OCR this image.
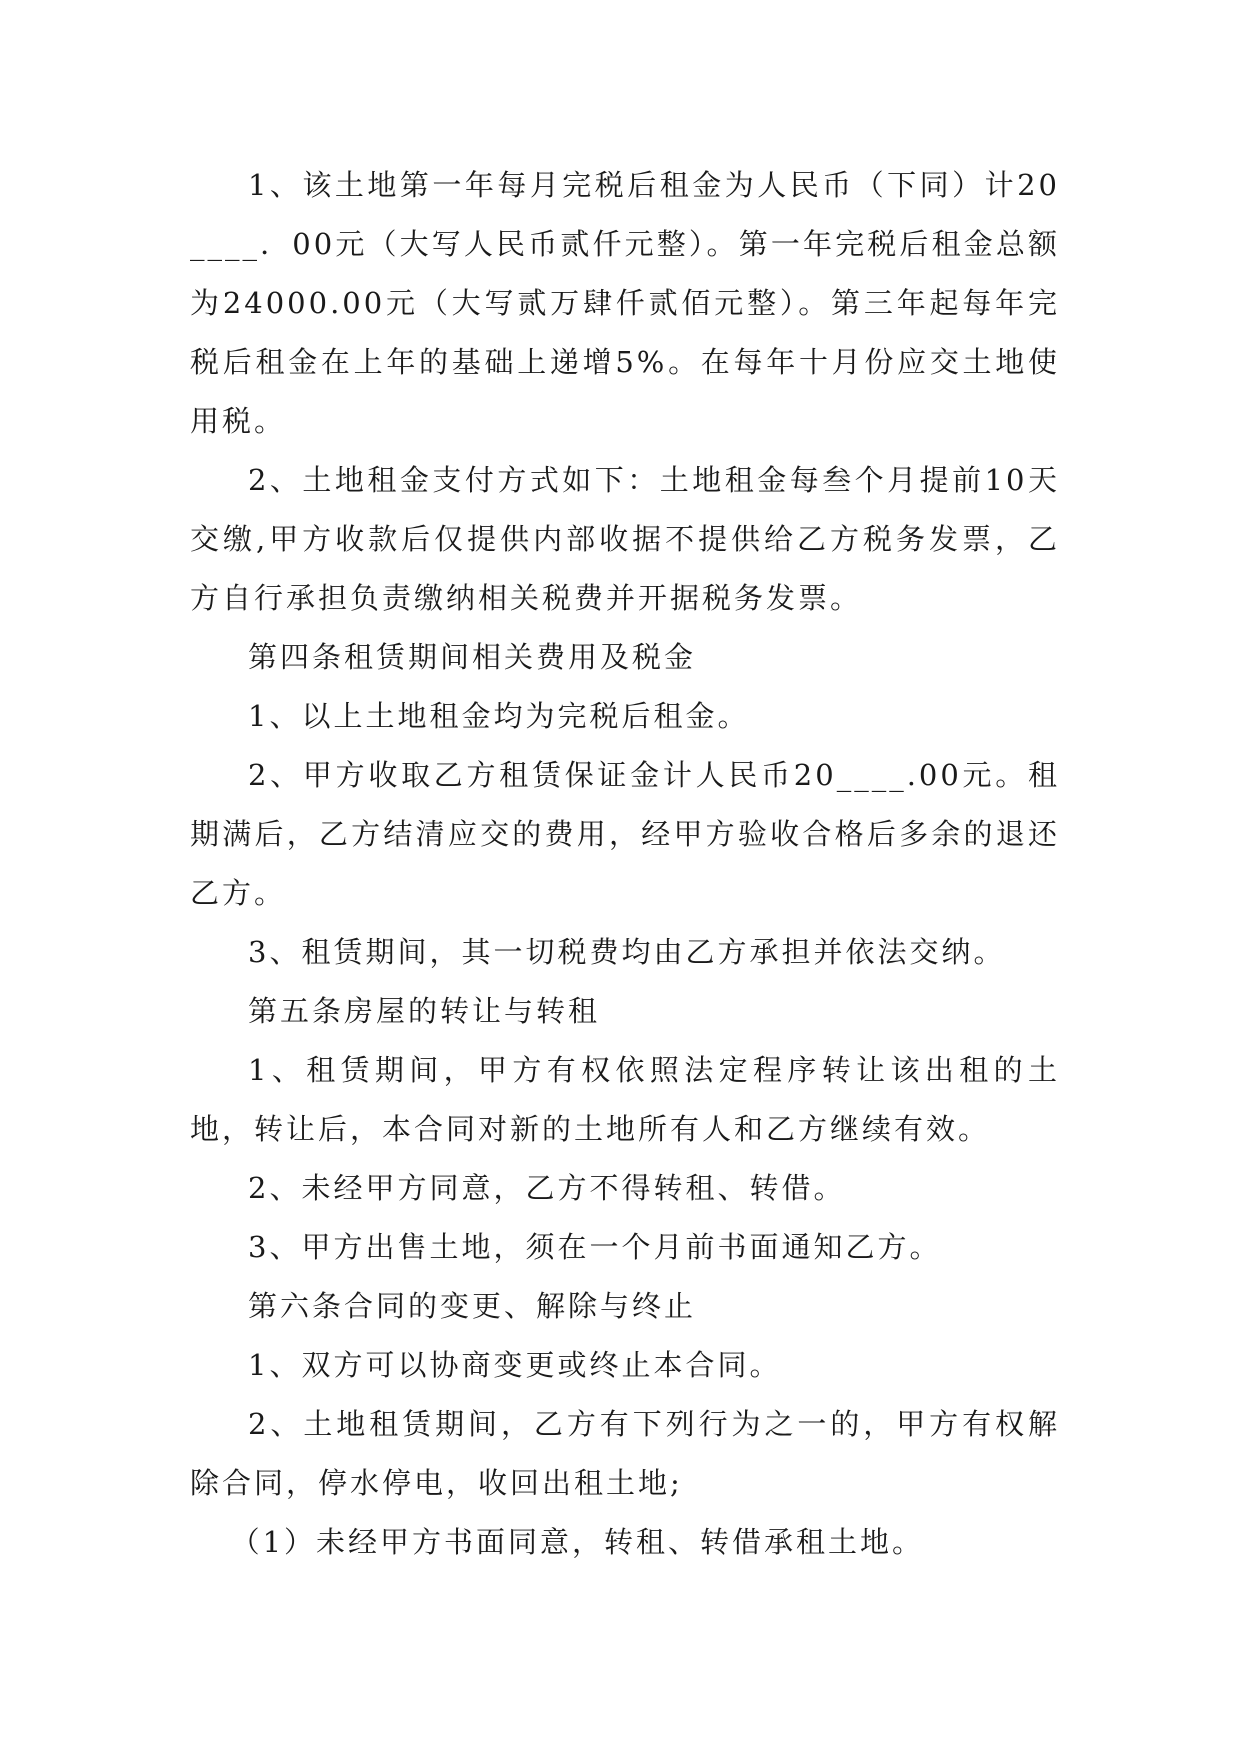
1、该土地第一年每月完税后租金为人民币（下同）计20____．00元（大写人民币贰仟元整）。第一年完税后租金总额为24000.00元（大写贰万肆仟贰佰元整）。第三年起每年完税后租金在上年的基础上递增5%。在每年十月份应交土地使用税。

2、土地租金支付方式如下：土地租金每叁个月提前10天交缴,甲方收款后仅提供内部收据不提供给乙方税务发票，乙方自行承担负责缴纳相关税费并开据税务发票。

第四条租赁期间相关费用及税金

1、以上土地租金均为完税后租金。

2、甲方收取乙方租赁保证金计人民币20____.00元。租期满后，乙方结清应交的费用，经甲方验收合格后多余的退还乙方。

3、租赁期间，其一切税费均由乙方承担并依法交纳。

第五条房屋的转让与转租

1、租赁期间，甲方有权依照法定程序转让该出租的土地，转让后，本合同对新的土地所有人和乙方继续有效。

2、未经甲方同意，乙方不得转租、转借。

3、甲方出售土地，须在一个月前书面通知乙方。

第六条合同的变更、解除与终止

1、双方可以协商变更或终止本合同。

2、土地租赁期间，乙方有下列行为之一的，甲方有权解除合同，停水停电，收回出租土地;

（1）未经甲方书面同意，转租、转借承租土地。
